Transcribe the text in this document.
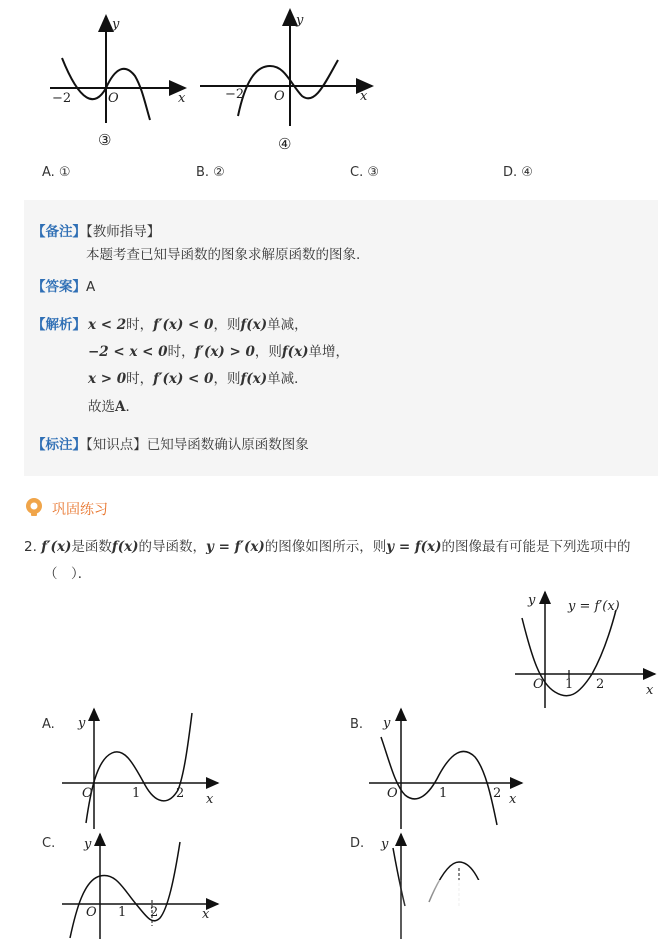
y
x
−2	O
③
y
x
−2 O
④
A. ①	B. ②	C. ③	D. ④
【备注】【教师指导】
本题考查已知导函数的图象求解原函数的图象.
【答案】A
【解析】 x < 2时，f′(x) < 0，则f(x)单减，
−2 < x < 0时，f′(x) > 0，则f(x)单增，
x > 0时，f′(x) < 0，则f(x)单减．
故选A．
【标注】【知识点】已知导函数确认原函数图象
巩固练习
2. f′(x)是函数f(x)的导函数，y = f′(x)的图像如图所示，则y = f(x)的图像最有可能是下列选项中的
（　）．
y	y = f′(x)
O 1 2	x
A. y
O	1	2 x
B. y
O	1	2 x
C. y
O 1 2	x
D. y
